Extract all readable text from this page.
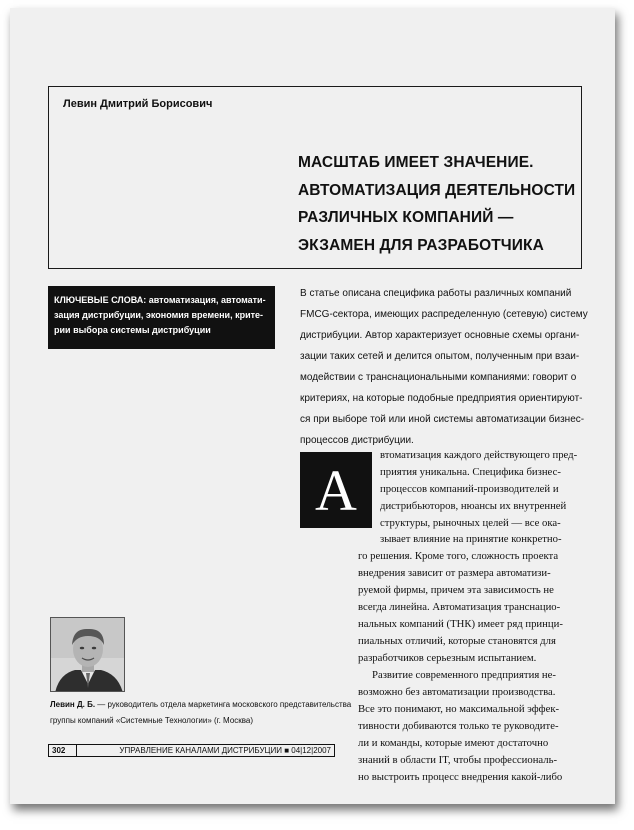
Левин Дмитрий Борисович
МАСШТАБ ИМЕЕТ ЗНАЧЕНИЕ.
АВТОМАТИЗАЦИЯ ДЕЯТЕЛЬНОСТИ
РАЗЛИЧНЫХ КОМПАНИЙ —
ЭКЗАМЕН ДЛЯ РАЗРАБОТЧИКА
КЛЮЧЕВЫЕ СЛОВА: автоматизация, автомати-
зация дистрибуции, экономия времени, крите-
рии выбора системы дистрибуции
В статье описана специфика работы различных компаний
FMCG-сектора, имеющих распределенную (сетевую) систему
дистрибуции. Автор характеризует основные схемы органи-
зации таких сетей и делится опытом, полученным при взаи-
модействии с транснациональными компаниями: говорит о
критериях, на которые подобные предприятия ориентируют-
ся при выборе той или иной системы автоматизации бизнес-
процессов дистрибуции.
А
втоматизация каждого действующего пред-
приятия уникальна. Специфика бизнес-
процессов компаний-производителей и
дистрибьюторов, нюансы их внутренней
структуры, рыночных целей — все ока-
зывает влияние на принятие конкретно-
го решения. Кроме того, сложность проекта
внедрения зависит от размера автоматизи-
руемой фирмы, причем эта зависимость не
всегда линейна. Автоматизация транснацио-
нальных компаний (ТНК) имеет ряд принци-
пиальных отличий, которые становятся для
разработчиков серьезным испытанием.
Развитие современного предприятия не-
возможно без автоматизации производства.
Все это понимают, но максимальной эффек-
тивности добиваются только те руководите-
ли и команды, которые имеют достаточно
знаний в области IT, чтобы профессиональ-
но выстроить процесс внедрения какой-либо
Левин Д. Б. — руководитель отдела маркетинга московского представительства
группы компаний «Системные Технологии» (г. Москва)
302	УПРАВЛЕНИЕ КАНАЛАМИ ДИСТРИБУЦИИ ■ 04|12|2007
